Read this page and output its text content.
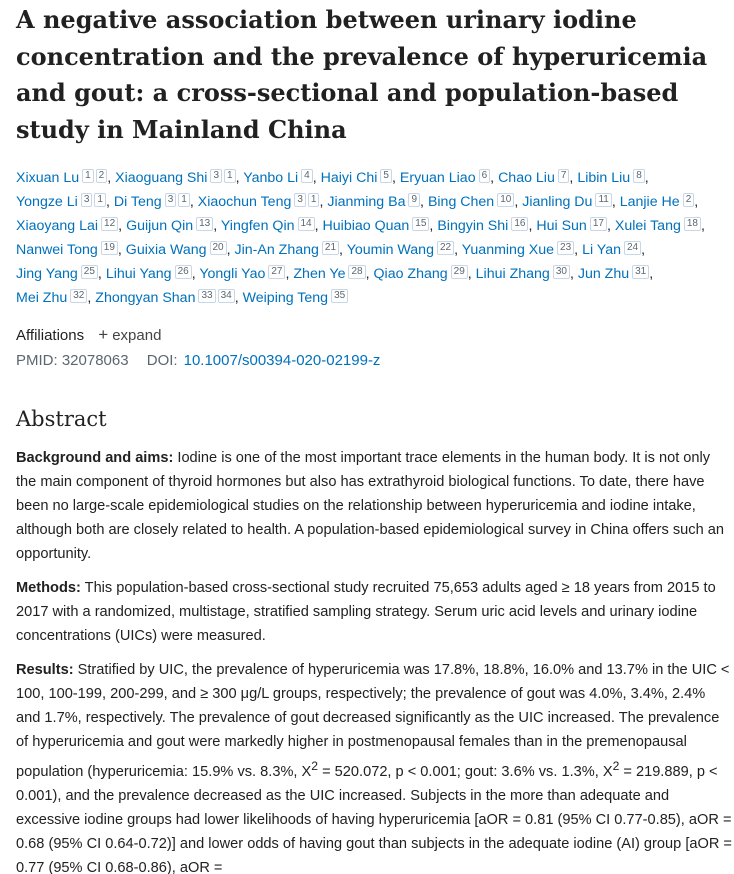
A negative association between urinary iodine concentration and the prevalence of hyperuricemia and gout: a cross-sectional and population-based study in Mainland China
Xixuan Lu 1 2 , Xiaoguang Shi 3 1 , Yanbo Li 4 , Haiyi Chi 5 , Eryuan Liao 6 , Chao Liu 7 , Libin Liu 8 , Yongze Li 3 1 , Di Teng 3 1 , Xiaochun Teng 3 1 , Jianming Ba 9 , Bing Chen 10 , Jianling Du 11 , Lanjie He 2 , Xiaoyang Lai 12 , Guijun Qin 13 , Yingfen Qin 14 , Huibiao Quan 15 , Bingyin Shi 16 , Hui Sun 17 , Xulei Tang 18 , Nanwei Tong 19 , Guixia Wang 20 , Jin-An Zhang 21 , Youmin Wang 22 , Yuanming Xue 23 , Li Yan 24 , Jing Yang 25 , Lihui Yang 26 , Yongli Yao 27 , Zhen Ye 28 , Qiao Zhang 29 , Lihui Zhang 30 , Jun Zhu 31 , Mei Zhu 32 , Zhongyan Shan 33 34 , Weiping Teng 35
Affiliations + expand
PMID: 32078063 DOI: 10.1007/s00394-020-02199-z
Abstract

Background and aims: Iodine is one of the most important trace elements in the human body. It is not only the main component of thyroid hormones but also has extrathyroid biological functions. To date, there have been no large-scale epidemiological studies on the relationship between hyperuricemia and iodine intake, although both are closely related to health. A population-based epidemiological survey in China offers such an opportunity.

Methods: This population-based cross-sectional study recruited 75,653 adults aged ≥ 18 years from 2015 to 2017 with a randomized, multistage, stratified sampling strategy. Serum uric acid levels and urinary iodine concentrations (UICs) were measured.

Results: Stratified by UIC, the prevalence of hyperuricemia was 17.8%, 18.8%, 16.0% and 13.7% in the UIC < 100, 100-199, 200-299, and ≥ 300 μg/L groups, respectively; the prevalence of gout was 4.0%, 3.4%, 2.4% and 1.7%, respectively. The prevalence of gout decreased significantly as the UIC increased. The prevalence of hyperuricemia and gout were markedly higher in postmenopausal females than in the premenopausal population (hyperuricemia: 15.9% vs. 8.3%, $X^2 = 520.072$, p < 0.001; gout: 3.6% vs. 1.3%, $X^2 = 219.889$, p < 0.001), and the prevalence decreased as the UIC increased. Subjects in the more than adequate and excessive iodine groups had lower likelihoods of having hyperuricemia [aOR = 0.81 (95% CI 0.77-0.85), aOR = 0.68 (95% CI 0.64-0.72)] and lower odds of having gout than subjects in the adequate iodine (AI) group [aOR = 0.77 (95% CI 0.68-0.86), aOR =
